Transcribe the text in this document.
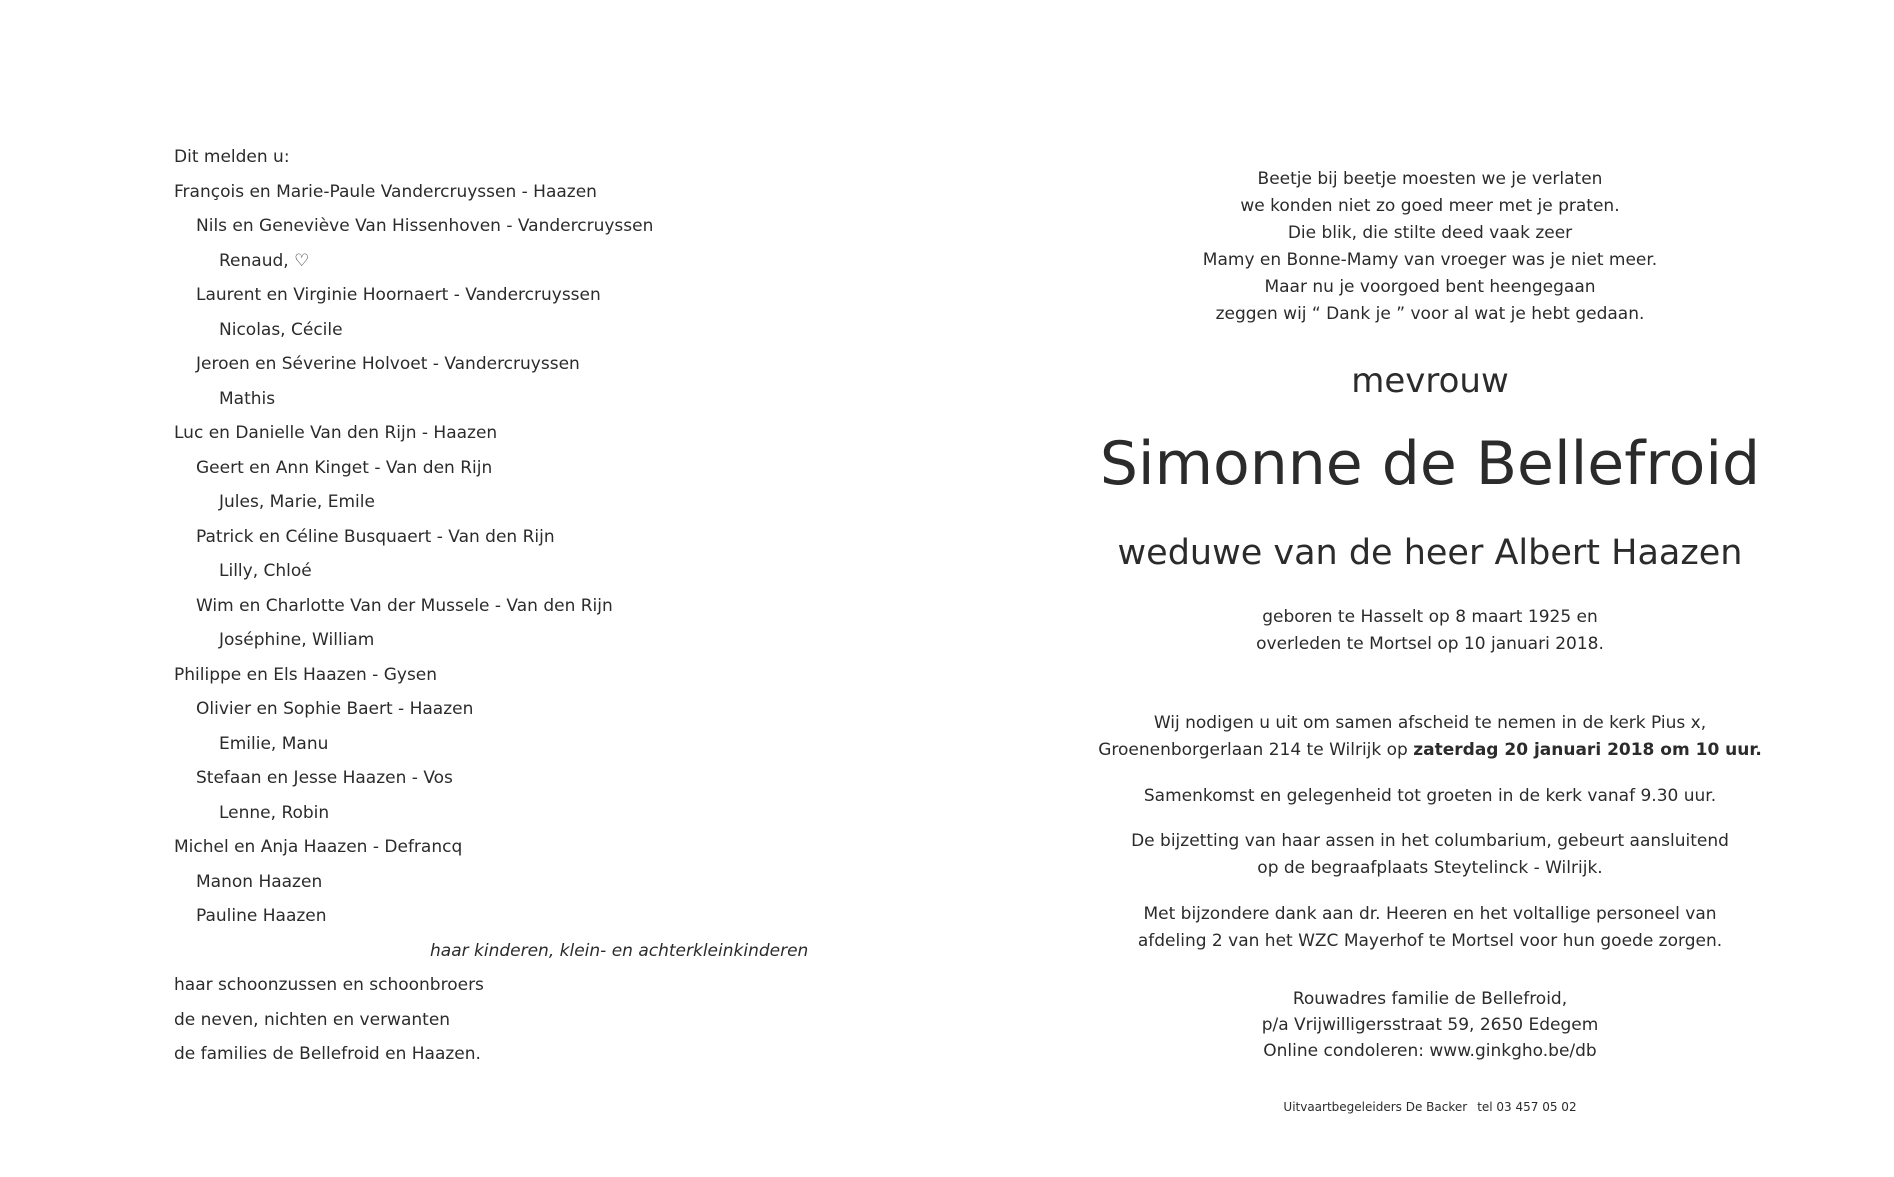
Dit melden u:
François en Marie-Paule Vandercruyssen - Haazen
Nils en Geneviève Van Hissenhoven - Vandercruyssen
Renaud, ♡
Laurent en Virginie Hoornaert - Vandercruyssen
Nicolas, Cécile
Jeroen en Séverine Holvoet - Vandercruyssen
Mathis
Luc en Danielle Van den Rijn - Haazen
Geert en Ann Kinget - Van den Rijn
Jules, Marie, Emile
Patrick en Céline Busquaert - Van den Rijn
Lilly, Chloé
Wim en Charlotte Van der Mussele - Van den Rijn
Joséphine, William
Philippe en Els Haazen - Gysen
Olivier en Sophie Baert - Haazen
Emilie, Manu
Stefaan en Jesse Haazen - Vos
Lenne, Robin
Michel en Anja Haazen - Defrancq
Manon Haazen
Pauline Haazen
haar kinderen, klein- en achterkleinkinderen
haar schoonzussen en schoonbroers
de neven, nichten en verwanten
de families de Bellefroid en Haazen.
Beetje bij beetje moesten we je verlaten
we konden niet zo goed meer met je praten.
Die blik, die stilte deed vaak zeer
Mamy en Bonne-Mamy van vroeger was je niet meer.
Maar nu je voorgoed bent heengegaan
zeggen wij “ Dank je ” voor al wat je hebt gedaan.
mevrouw
Simonne de Bellefroid
weduwe van de heer Albert Haazen
geboren te Hasselt op 8 maart 1925 en
overleden te Mortsel op 10 januari 2018.
Wij nodigen u uit om samen afscheid te nemen in de kerk Pius x,
Groenenborgerlaan 214 te Wilrijk op zaterdag 20 januari 2018 om 10 uur.
Samenkomst en gelegenheid tot groeten in de kerk vanaf 9.30 uur.
De bijzetting van haar assen in het columbarium, gebeurt aansluitend
op de begraafplaats Steytelinck - Wilrijk.
Met bijzondere dank aan dr. Heeren en het voltallige personeel van
afdeling 2 van het WZC Mayerhof te Mortsel voor hun goede zorgen.
Rouwadres familie de Bellefroid,
p/a Vrijwilligersstraat 59, 2650 Edegem
Online condoleren: www.ginkgho.be/db
Uitvaartbegeleiders De Backer tel 03 457 05 02
